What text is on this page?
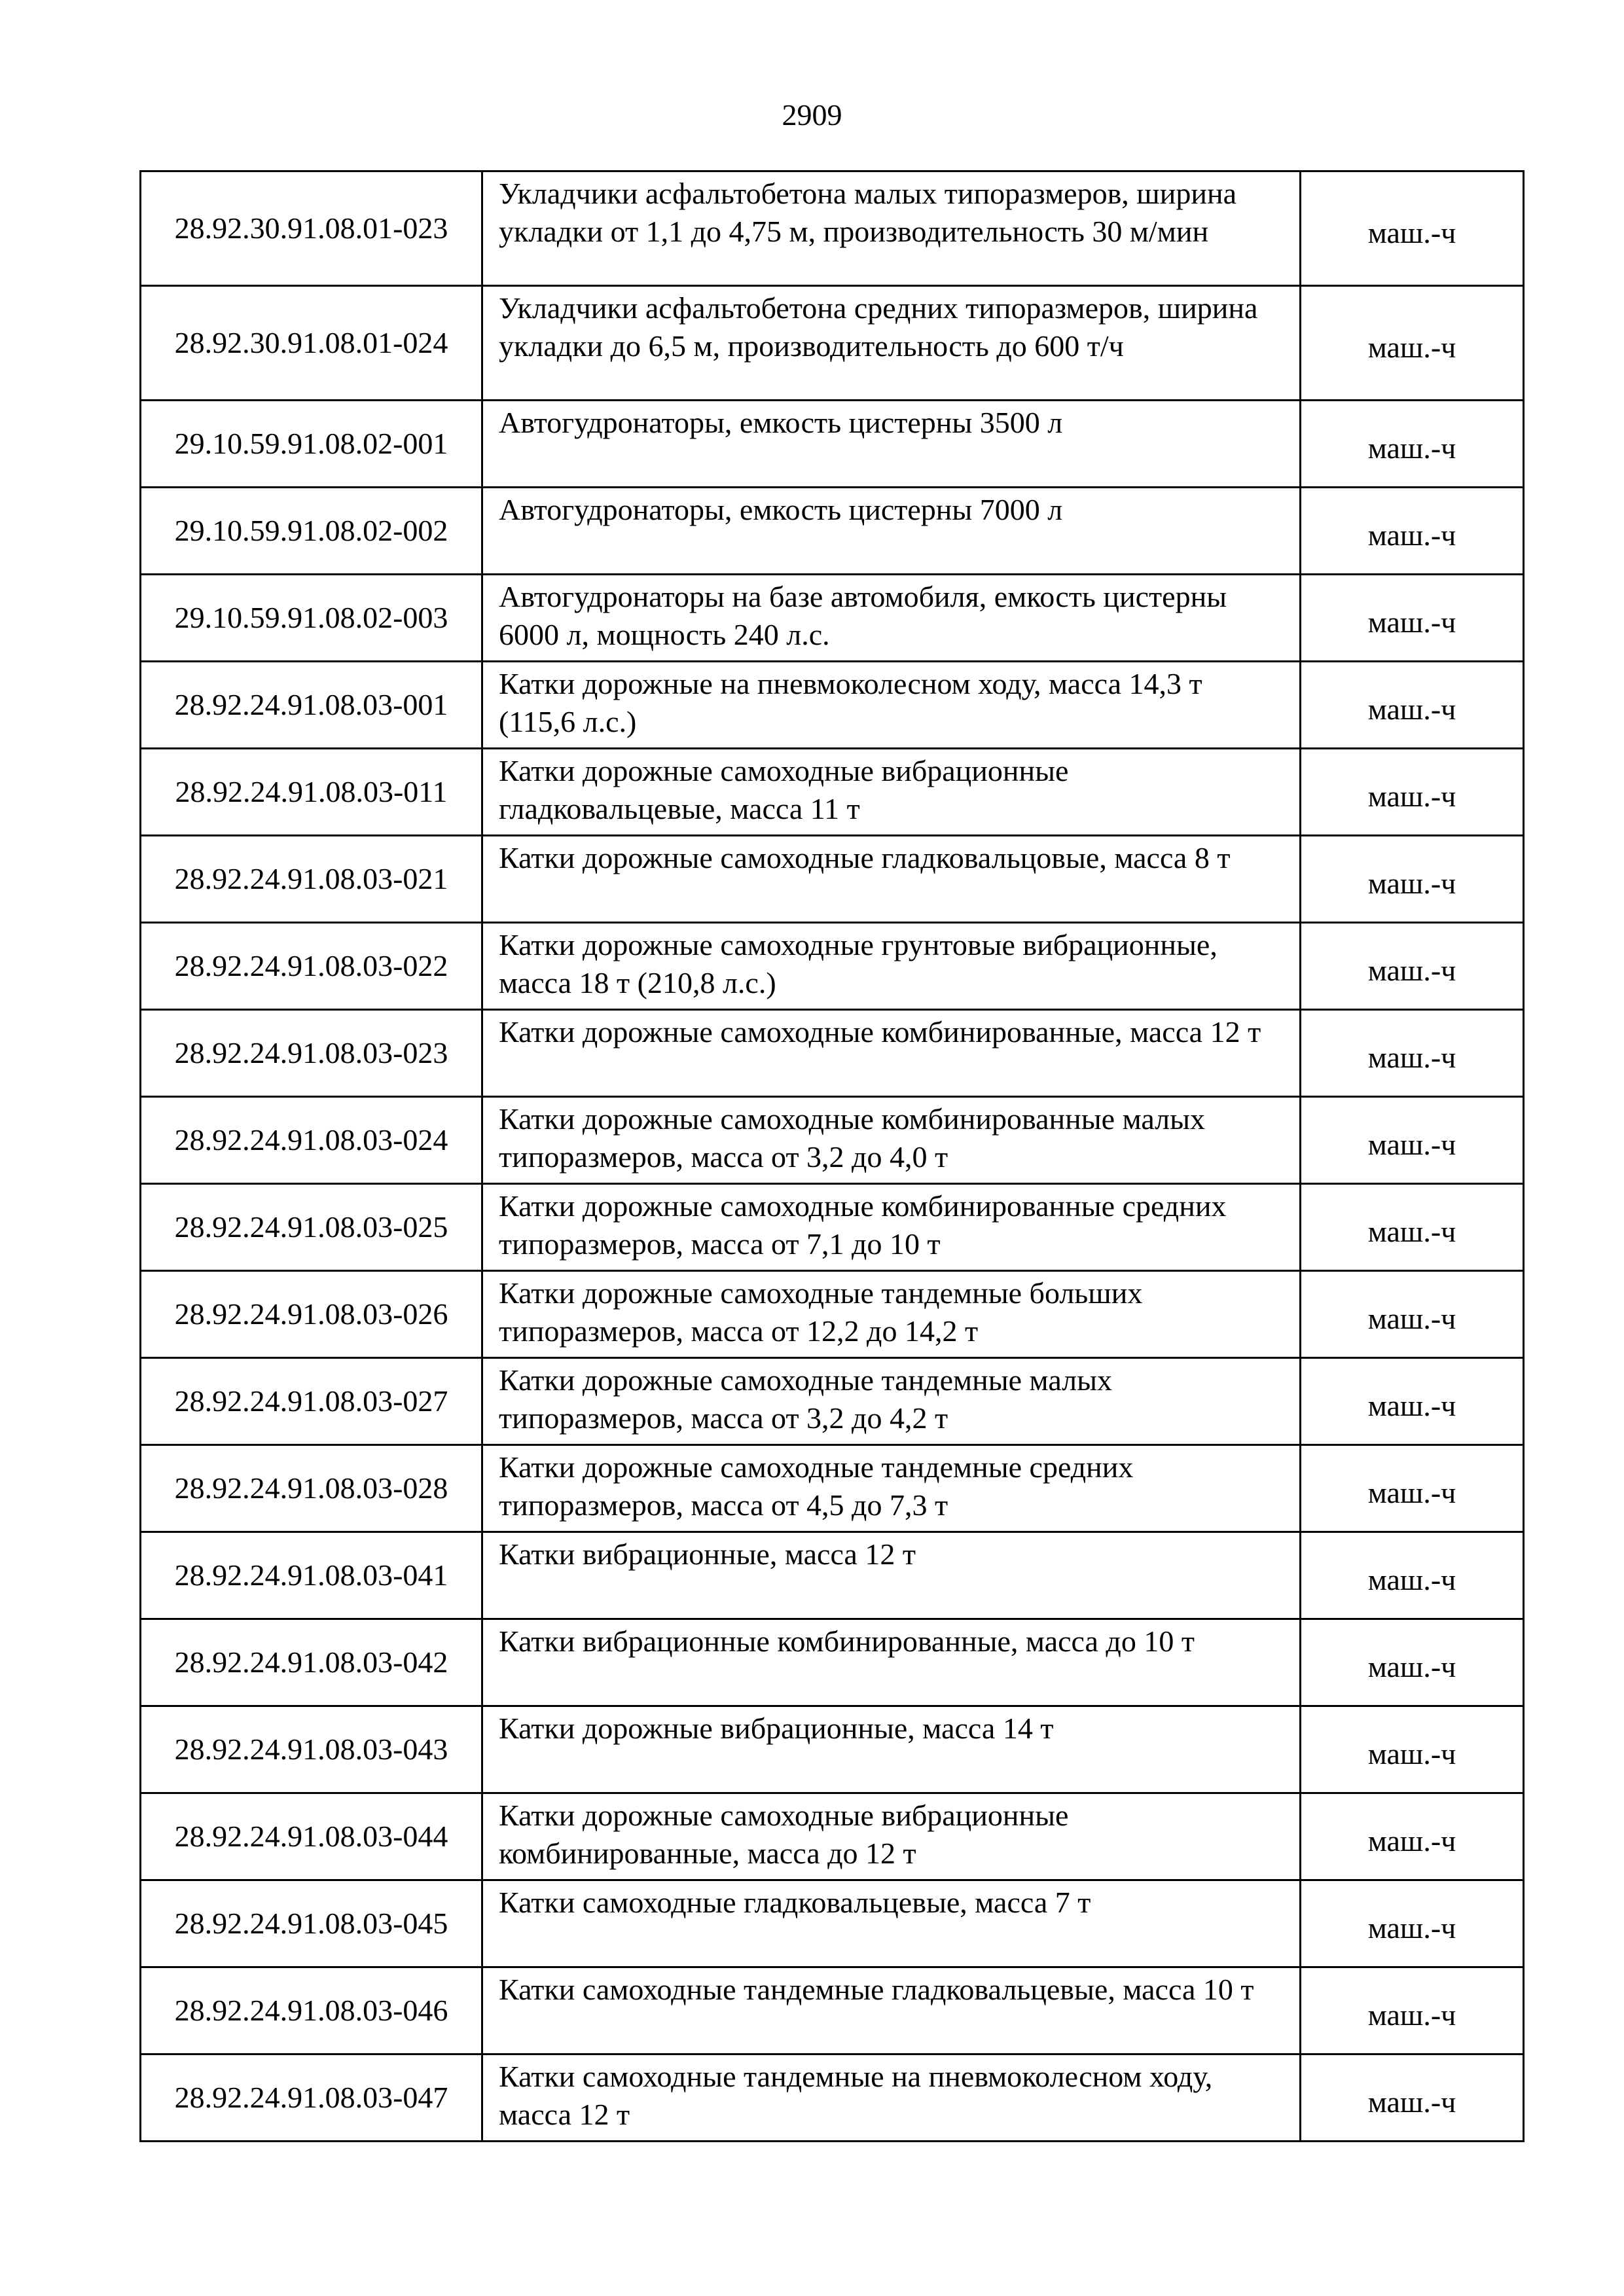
2909
28.92.30.91.08.01-023	Укладчики асфальтобетона малых типоразмеров, ширина укладки от 1,1 до 4,75 м, производительность 30 м/мин	маш.-ч
28.92.30.91.08.01-024	Укладчики асфальтобетона средних типоразмеров, ширина укладки до 6,5 м, производительность до 600 т/ч	маш.-ч
29.10.59.91.08.02-001	Автогудронаторы, емкость цистерны 3500 л	маш.-ч
29.10.59.91.08.02-002	Автогудронаторы, емкость цистерны 7000 л	маш.-ч
29.10.59.91.08.02-003	Автогудронаторы на базе автомобиля, емкость цистерны 6000 л, мощность 240 л.с.	маш.-ч
28.92.24.91.08.03-001	Катки дорожные на пневмоколесном ходу, масса 14,3 т (115,6 л.с.)	маш.-ч
28.92.24.91.08.03-011	Катки дорожные самоходные вибрационные гладковальцевые, масса 11 т	маш.-ч
28.92.24.91.08.03-021	Катки дорожные самоходные гладковальцовые, масса 8 т	маш.-ч
28.92.24.91.08.03-022	Катки дорожные самоходные грунтовые вибрационные, масса 18 т (210,8 л.с.)	маш.-ч
28.92.24.91.08.03-023	Катки дорожные самоходные комбинированные, масса 12 т	маш.-ч
28.92.24.91.08.03-024	Катки дорожные самоходные комбинированные малых типоразмеров, масса от 3,2 до 4,0 т	маш.-ч
28.92.24.91.08.03-025	Катки дорожные самоходные комбинированные средних типоразмеров, масса от 7,1 до 10 т	маш.-ч
28.92.24.91.08.03-026	Катки дорожные самоходные тандемные больших типоразмеров, масса от 12,2 до 14,2 т	маш.-ч
28.92.24.91.08.03-027	Катки дорожные самоходные тандемные малых типоразмеров, масса от 3,2 до 4,2 т	маш.-ч
28.92.24.91.08.03-028	Катки дорожные самоходные тандемные средних типоразмеров, масса от 4,5 до 7,3 т	маш.-ч
28.92.24.91.08.03-041	Катки вибрационные, масса 12 т	маш.-ч
28.92.24.91.08.03-042	Катки вибрационные комбинированные, масса до 10 т	маш.-ч
28.92.24.91.08.03-043	Катки дорожные вибрационные, масса 14 т	маш.-ч
28.92.24.91.08.03-044	Катки дорожные самоходные вибрационные комбинированные, масса до 12 т	маш.-ч
28.92.24.91.08.03-045	Катки самоходные гладковальцевые, масса 7 т	маш.-ч
28.92.24.91.08.03-046	Катки самоходные тандемные гладковальцевые, масса 10 т	маш.-ч
28.92.24.91.08.03-047	Катки самоходные тандемные на пневмоколесном ходу, масса 12 т	маш.-ч
